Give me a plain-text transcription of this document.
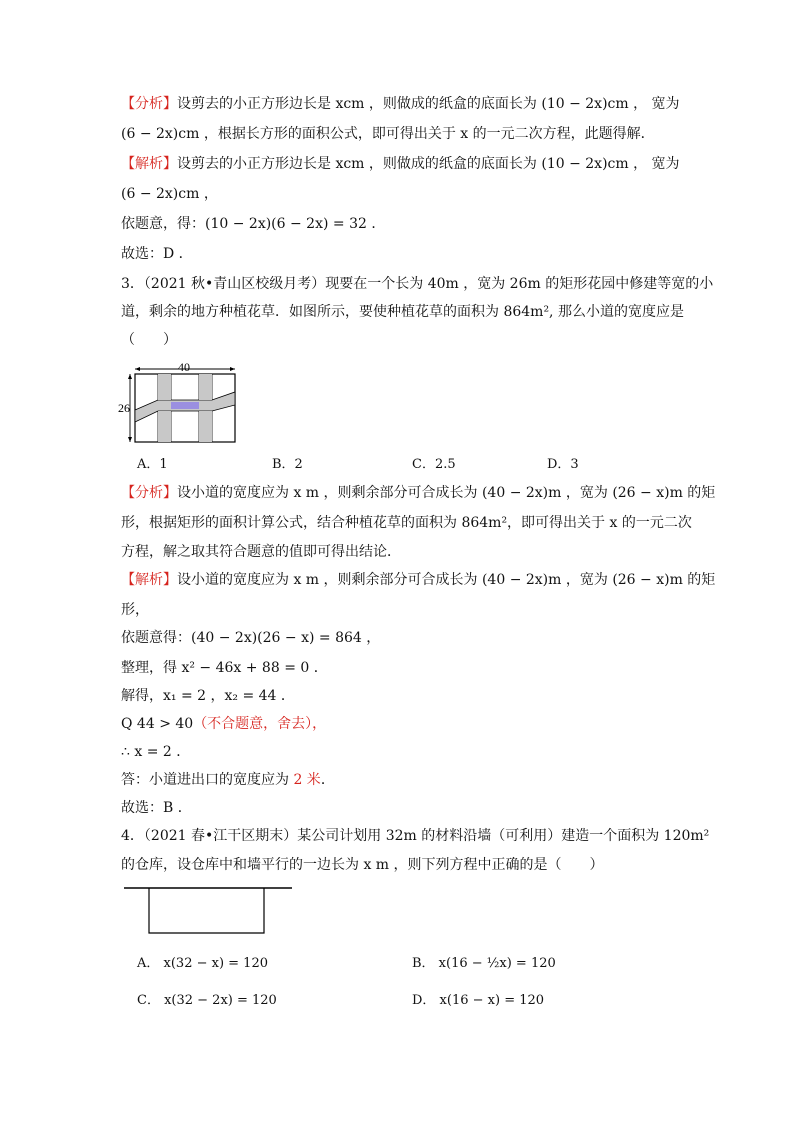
【分析】设剪去的小正方形边长是 xcm ，则做成的纸盒的底面长为 (10 − 2x)cm ， 宽为
(6 − 2x)cm ，根据长方形的面积公式，即可得出关于 x 的一元二次方程，此题得解．
【解析】设剪去的小正方形边长是 xcm ，则做成的纸盒的底面长为 (10 − 2x)cm ， 宽为
(6 − 2x)cm ，
依题意，得：(10 − 2x)(6 − 2x) = 32 ．
故选：D ．
3．（2021 秋•青山区校级月考）现要在一个长为 40m ，宽为 26m 的矩形花园中修建等宽的小
道，剩余的地方种植花草．如图所示，要使种植花草的面积为 864m², 那么小道的宽度应是
（　　）
40
26
A．1	B．2	C．2.5	D．3
【分析】设小道的宽度应为 x m ，则剩余部分可合成长为 (40 − 2x)m ，宽为 (26 − x)m 的矩
形，根据矩形的面积计算公式，结合种植花草的面积为 864m²，即可得出关于 x 的一元二次
方程，解之取其符合题意的值即可得出结论．
【解析】设小道的宽度应为 x m ，则剩余部分可合成长为 (40 − 2x)m ，宽为 (26 − x)m 的矩
形，
依题意得：(40 − 2x)(26 − x) = 864 ，
整理，得 x² − 46x + 88 = 0 ．
解得，x₁ = 2 ，x₂ = 44 ．
Q 44 > 40（不合题意，舍去），
∴ x = 2 ．
答：小道进出口的宽度应为 2 米．
故选：B ．
4．（2021 春•江干区期末）某公司计划用 32m 的材料沿墙（可利用）建造一个面积为 120m²
的仓库，设仓库中和墙平行的一边长为 x m ，则下列方程中正确的是（　　）
A． x(32 − x) = 120	B． x(16 − ½x) = 120
C． x(32 − 2x) = 120	D． x(16 − x) = 120
